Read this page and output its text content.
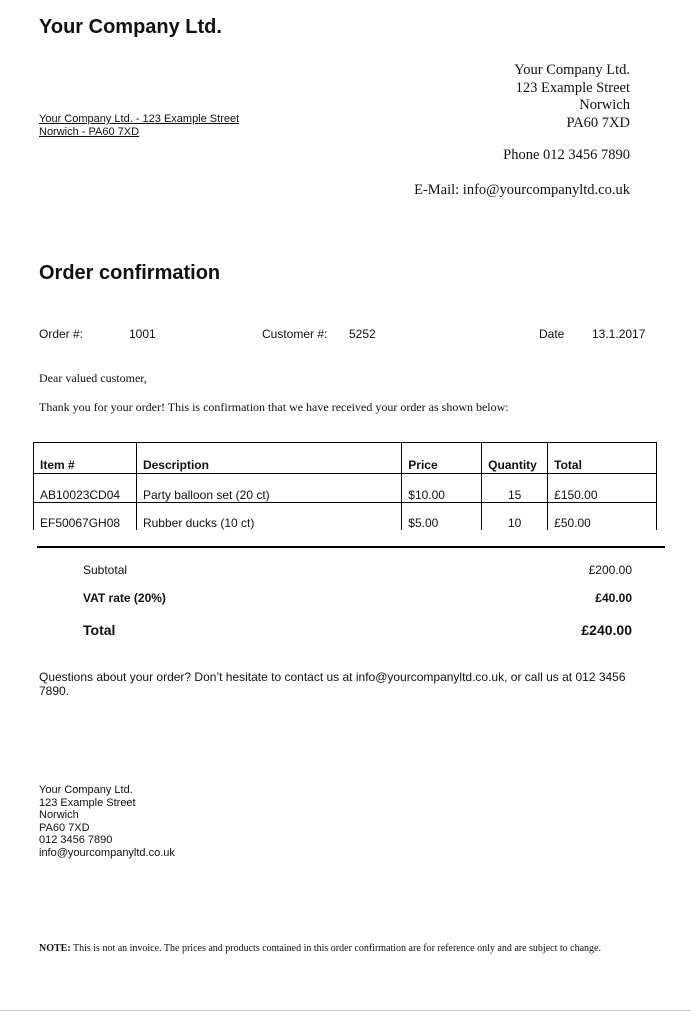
Your Company Ltd.
Your Company Ltd.
123 Example Street
Norwich
PA60 7XD
Phone 012 3456 7890
E-Mail: info@yourcompanyltd.co.uk
Your Company Ltd. - 123 Example Street
Norwich - PA60 7XD
Order confirmation
Order #:	1001	Customer #: 5252	Date 13.1.2017
Dear valued customer,
Thank you for your order! This is confirmation that we have received your order as shown below:
Item #	Description	Price	Quantity	Total
AB10023CD04	Party balloon set (20 ct)	$10.00	15	£150.00
EF50067GH08	Rubber ducks (10 ct)	$5.00	10	£50.00
Subtotal	£200.00
VAT rate (20%)	£40.00
Total	£240.00
Questions about your order? Don’t hesitate to contact us at info@yourcompanyltd.co.uk, or call us at 012 3456 7890.
Your Company Ltd.
123 Example Street
Norwich
PA60 7XD
012 3456 7890
info@yourcompanyltd.co.uk
NOTE: This is not an invoice. The prices and products contained in this order confirmation are for reference only and are subject to change.
